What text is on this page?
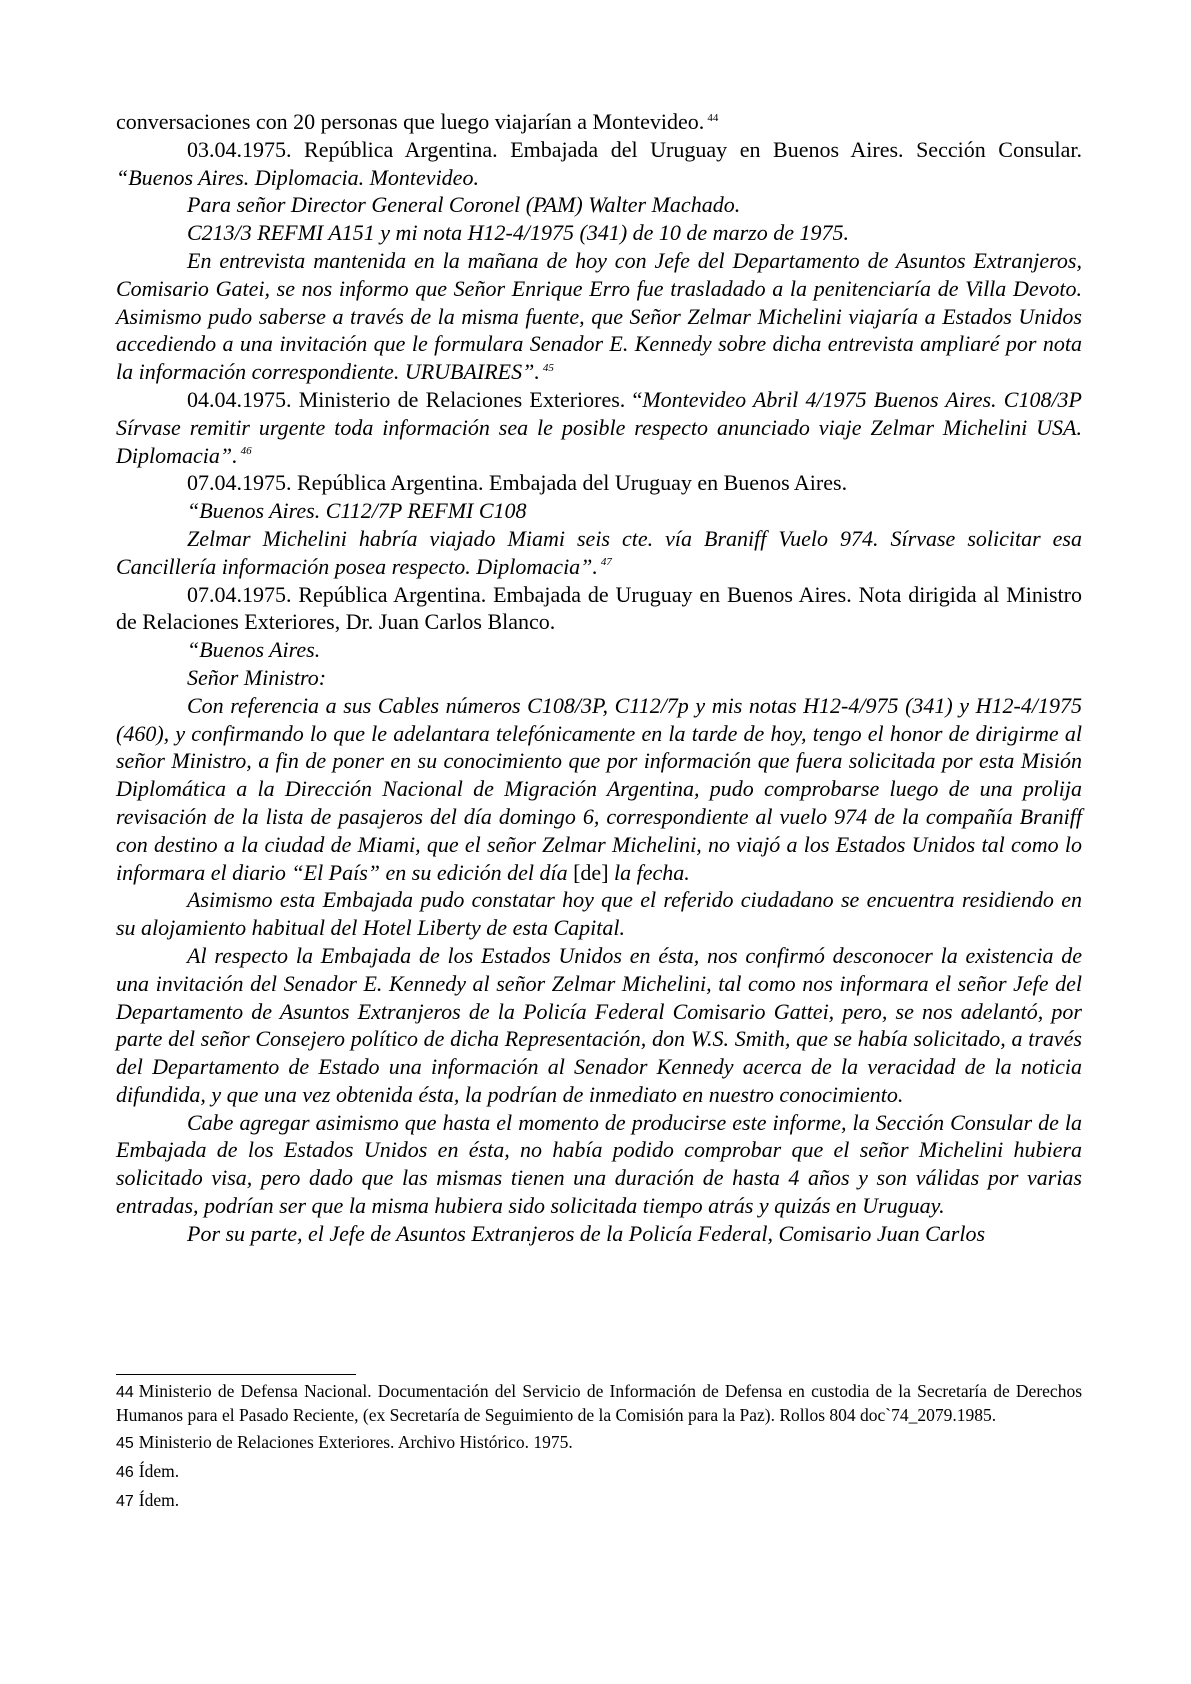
conversaciones con 20 personas que luego viajarían a Montevideo. $^{44}$

03.04.1975. República Argentina. Embajada del Uruguay en Buenos Aires. Sección Consular. “Buenos Aires. Diplomacia. Montevideo.

Para señor Director General Coronel (PAM) Walter Machado.

C213/3 REFMI A151 y mi nota H12-4/1975 (341) de 10 de marzo de 1975.

En entrevista mantenida en la mañana de hoy con Jefe del Departamento de Asuntos Extranjeros, Comisario Gatei, se nos informo que Señor Enrique Erro fue trasladado a la penitenciaría de Villa Devoto. Asimismo pudo saberse a través de la misma fuente, que Señor Zelmar Michelini viajaría a Estados Unidos accediendo a una invitación que le formulara Senador E. Kennedy sobre dicha entrevista ampliaré por nota la información correspondiente. URUBAIRES”. $^{45}$

04.04.1975. Ministerio de Relaciones Exteriores. “Montevideo Abril 4/1975 Buenos Aires. C108/3P Sírvase remitir urgente toda información sea le posible respecto anunciado viaje Zelmar Michelini USA. Diplomacia”. $^{46}$

07.04.1975. República Argentina. Embajada del Uruguay en Buenos Aires.

“Buenos Aires. C112/7P REFMI C108

Zelmar Michelini habría viajado Miami seis cte. vía Braniff Vuelo 974. Sírvase solicitar esa Cancillería información posea respecto. Diplomacia”. $^{47}$

07.04.1975. República Argentina. Embajada de Uruguay en Buenos Aires. Nota dirigida al Ministro de Relaciones Exteriores, Dr. Juan Carlos Blanco.

“Buenos Aires.

Señor Ministro:

Con referencia a sus Cables números C108/3P, C112/7p y mis notas H12-4/975 (341) y H12-4/1975 (460), y confirmando lo que le adelantara telefónicamente en la tarde de hoy, tengo el honor de dirigirme al señor Ministro, a fin de poner en su conocimiento que por información que fuera solicitada por esta Misión Diplomática a la Dirección Nacional de Migración Argentina, pudo comprobarse luego de una prolija revisación de la lista de pasajeros del día domingo 6, correspondiente al vuelo 974 de la compañía Braniff con destino a la ciudad de Miami, que el señor Zelmar Michelini, no viajó a los Estados Unidos tal como lo informara el diario “El País” en su edición del día [de] la fecha.

Asimismo esta Embajada pudo constatar hoy que el referido ciudadano se encuentra residiendo en su alojamiento habitual del Hotel Liberty de esta Capital.

Al respecto la Embajada de los Estados Unidos en ésta, nos confirmó desconocer la existencia de una invitación del Senador E. Kennedy al señor Zelmar Michelini, tal como nos informara el señor Jefe del Departamento de Asuntos Extranjeros de la Policía Federal Comisario Gattei, pero, se nos adelantó, por parte del señor Consejero político de dicha Representación, don W.S. Smith, que se había solicitado, a través del Departamento de Estado una información al Senador Kennedy acerca de la veracidad de la noticia difundida, y que una vez obtenida ésta, la podrían de inmediato en nuestro conocimiento.

Cabe agregar asimismo que hasta el momento de producirse este informe, la Sección Consular de la Embajada de los Estados Unidos en ésta, no había podido comprobar que el señor Michelini hubiera solicitado visa, pero dado que las mismas tienen una duración de hasta 4 años y son válidas por varias entradas, podrían ser que la misma hubiera sido solicitada tiempo atrás y quizás en Uruguay.

Por su parte, el Jefe de Asuntos Extranjeros de la Policía Federal, Comisario Juan Carlos

44 Ministerio de Defensa Nacional. Documentación del Servicio de Información de Defensa en custodia de la Secretaría de Derechos Humanos para el Pasado Reciente, (ex Secretaría de Seguimiento de la Comisión para la Paz). Rollos 804 doc`74_2079.1985.

45 Ministerio de Relaciones Exteriores. Archivo Histórico. 1975.

46 Ídem.

47 Ídem.
